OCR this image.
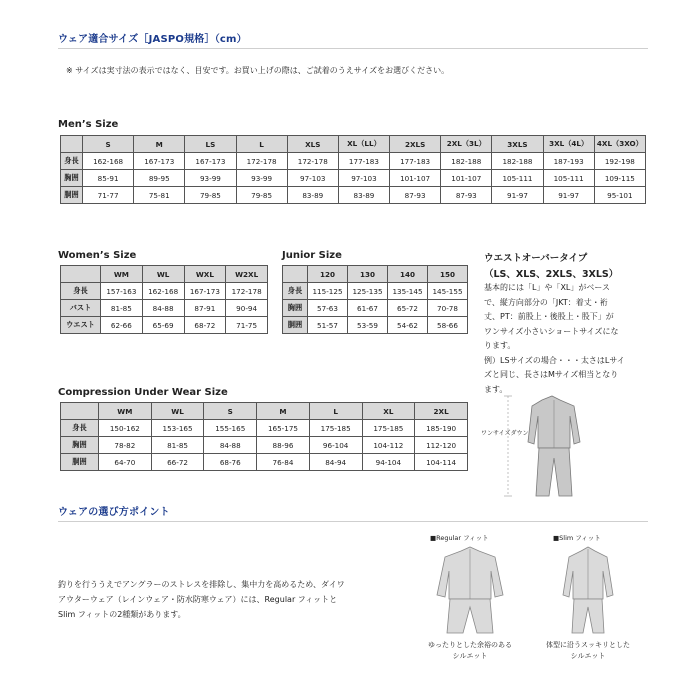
ウェア適合サイズ［JASPO規格］（cm）
※ サイズは実寸法の表示ではなく、目安です。お買い上げの際は、ご試着のうえサイズをお選びください。
Men’s Size
	S	M	LS	L	XLS	XL（LL）	2XLS	2XL（3L）	3XLS	3XL（4L）	4XL（3XO）
身長	162-168	167-173	167-173	172-178	172-178	177-183	177-183	182-188	182-188	187-193	192-198
胸囲	85-91	89-95	93-99	93-99	97-103	97-103	101-107	101-107	105-111	105-111	109-115
胴囲	71-77	75-81	79-85	79-85	83-89	83-89	87-93	87-93	91-97	91-97	95-101
Women’s Size
	WM	WL	WXL	W2XL
身長	157-163	162-168	167-173	172-178
バスト	81-85	84-88	87-91	90-94
ウエスト	62-66	65-69	68-72	71-75
Junior Size
	120	130	140	150
身長	115-125	125-135	135-145	145-155
胸囲	57-63	61-67	65-72	70-78
胴囲	51-57	53-59	54-62	58-66
Compression Under Wear Size
	WM	WL	S	M	L	XL	2XL
身長	150-162	153-165	155-165	165-175	175-185	175-185	185-190
胸囲	78-82	81-85	84-88	88-96	96-104	104-112	112-120
胴囲	64-70	66-72	68-76	76-84	84-94	94-104	104-114
ウエストオーバータイプ
（LS、XLS、2XLS、3XLS）
基本的には「L」や「XL」がベース
で、縦方向部分の「JKT：着丈・裄
丈、PT：前股上・後股上・股下」が
ワンサイズ小さいショートサイズにな
ります。
例）LSサイズの場合・・・太さはLサイ
ズと同じ、長さはMサイズ相当となり
ます。
ワンサイズダウン
ウェアの選び方ポイント
釣りを行ううえでアングラーのストレスを排除し、集中力を高めるため、ダイワ
アウターウェア（レインウェア・防水防寒ウェア）には、Regular フィットと
Slim フィットの2種類があります。
■Regular フィット
ゆったりとした余裕のある
シルエット
■Slim フィット
体型に沿うスッキリとした
シルエット
